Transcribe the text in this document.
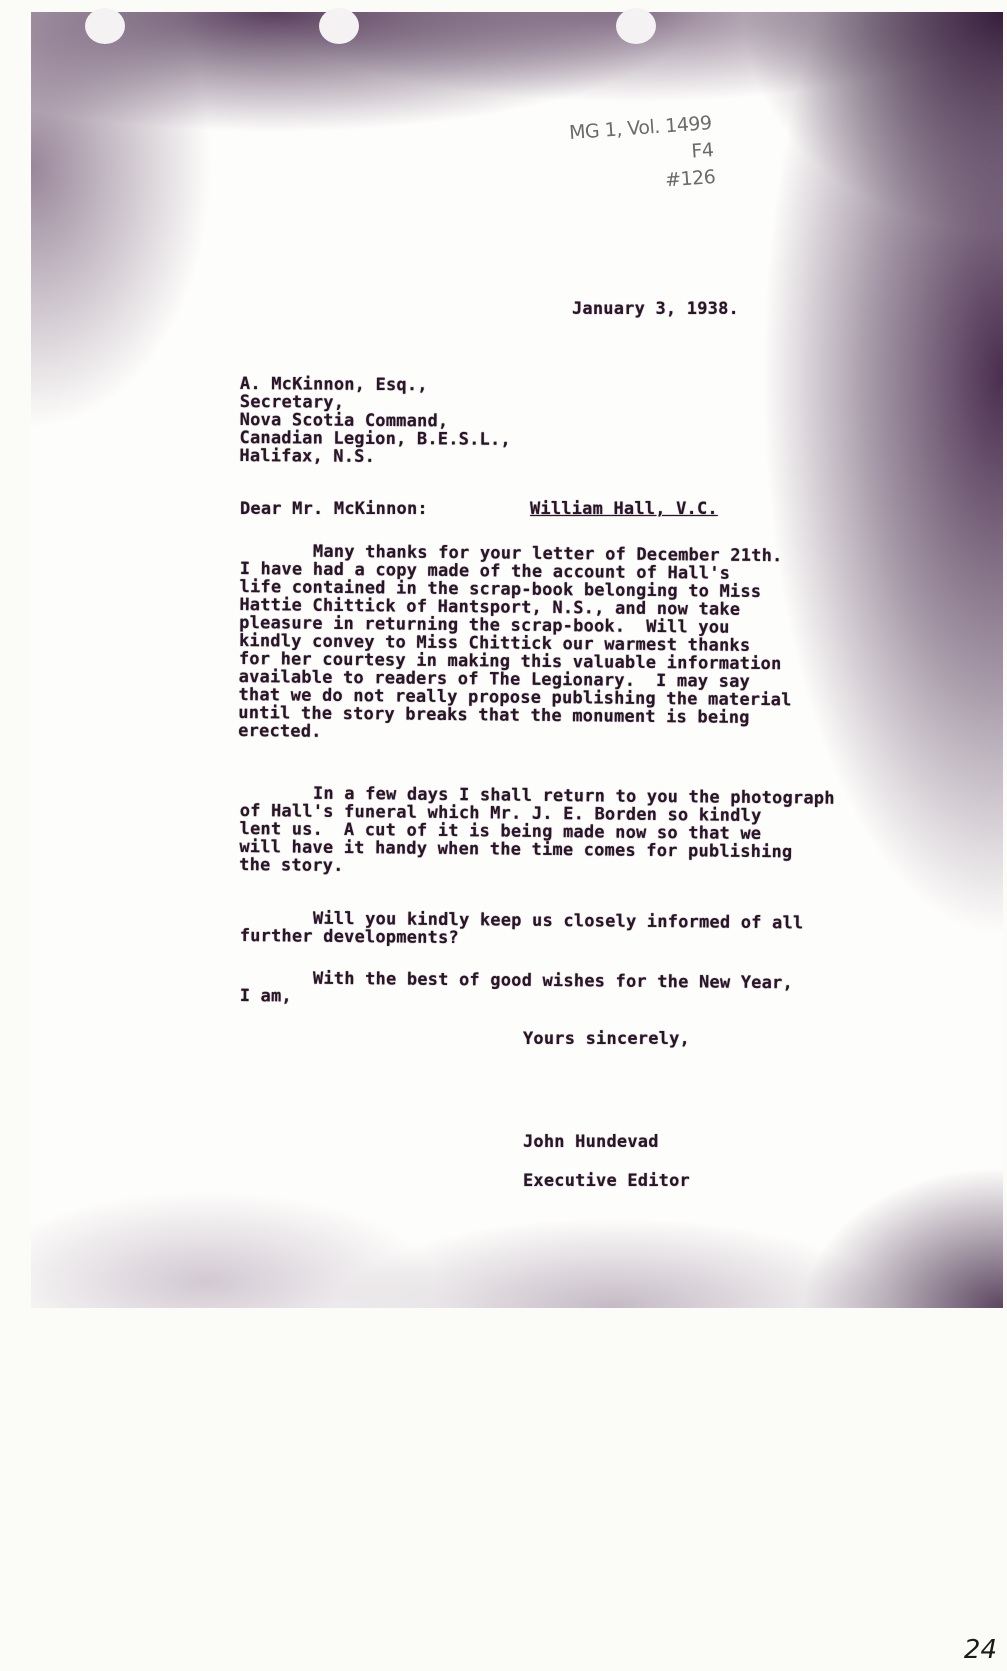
MG 1, Vol. 1499 F4

#126
January 3, 1938.
A. McKinnon, Esq.,
Secretary,
Nova Scotia Command,
Canadian Legion, B.E.S.L.,
Halifax, N.S.
Dear Mr. McKinnon:	William Hall, V.C.
Many thanks for your letter of December 21th.
I have had a copy made of the account of Hall's
life contained in the scrap-book belonging to Miss
Hattie Chittick of Hantsport, N.S., and now take
pleasure in returning the scrap-book.  Will you
kindly convey to Miss Chittick our warmest thanks
for her courtesy in making this valuable information
available to readers of The Legionary.  I may say
that we do not really propose publishing the material
until the story breaks that the monument is being
erected.
In a few days I shall return to you the photograph
of Hall's funeral which Mr. J. E. Borden so kindly
lent us.  A cut of it is being made now so that we
will have it handy when the time comes for publishing
the story.
Will you kindly keep us closely informed of all
further developments?
With the best of good wishes for the New Year,
I am,
Yours sincerely,
John Hundevad
Executive Editor
24
